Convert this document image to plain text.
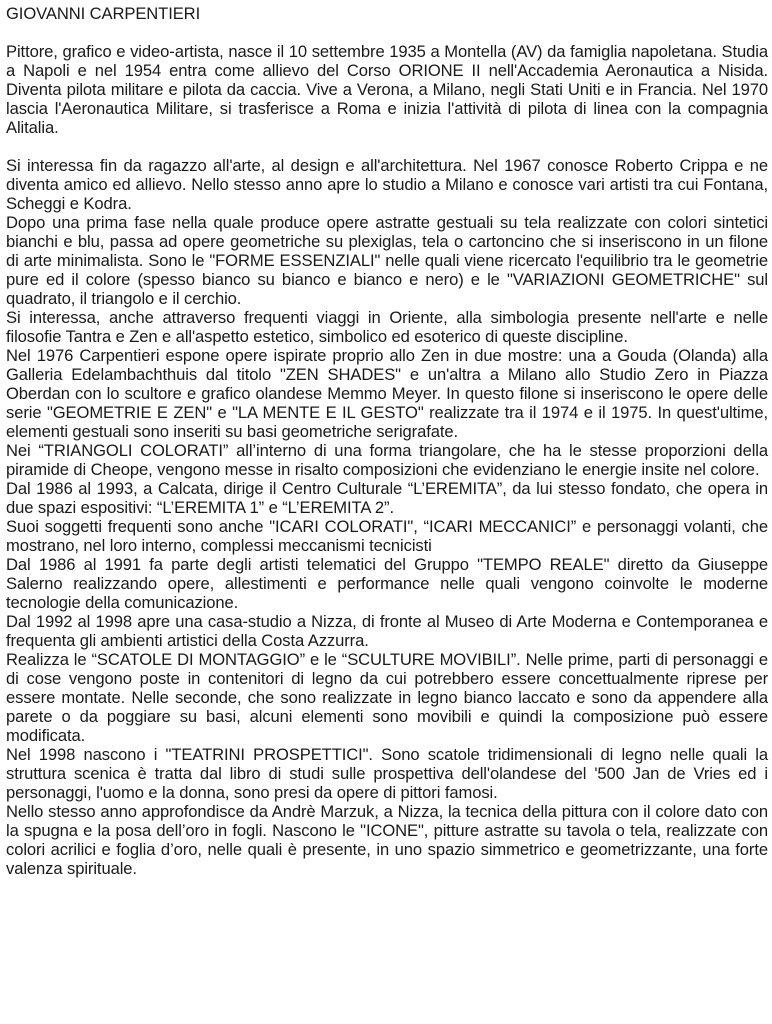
GIOVANNI CARPENTIERI

Pittore, grafico e video-artista, nasce il 10 settembre 1935 a Montella (AV) da famiglia napoletana. Studia a Napoli e nel 1954 entra come allievo del Corso ORIONE II nell'Accademia Aeronautica a Nisida. Diventa pilota militare e pilota da caccia. Vive a Verona, a Milano, negli Stati Uniti e in Francia. Nel 1970 lascia l'Aeronautica Militare, si trasferisce a Roma e inizia l'attività di pilota di linea con la compagnia Alitalia.

Si interessa fin da ragazzo all'arte, al design e all'architettura. Nel 1967 conosce Roberto Crippa e ne diventa amico ed allievo. Nello stesso anno apre lo studio a Milano e conosce vari artisti tra cui Fontana, Scheggi e Kodra.

Dopo una prima fase nella quale produce opere astratte gestuali su tela realizzate con colori sintetici bianchi e blu, passa ad opere geometriche su plexiglas, tela o cartoncino che si inseriscono in un filone di arte minimalista. Sono le "FORME ESSENZIALI" nelle quali viene ricercato l'equilibrio tra le geometrie pure ed il colore (spesso bianco su bianco e bianco e nero) e le "VARIAZIONI GEOMETRICHE" sul quadrato, il triangolo e il cerchio.

Si interessa, anche attraverso frequenti viaggi in Oriente, alla simbologia presente nell'arte e nelle filosofie Tantra e Zen e all'aspetto estetico, simbolico ed esoterico di queste discipline.

Nel 1976 Carpentieri espone opere ispirate proprio allo Zen in due mostre: una a Gouda (Olanda) alla Galleria Edelambachthuis dal titolo "ZEN SHADES" e un'altra a Milano allo Studio Zero in Piazza Oberdan con lo scultore e grafico olandese Memmo Meyer. In questo filone si inseriscono le opere delle serie "GEOMETRIE E ZEN" e "LA MENTE E IL GESTO" realizzate tra il 1974 e il 1975. In quest'ultime, elementi gestuali sono inseriti su basi geometriche serigrafate.

Nei “TRIANGOLI COLORATI” all’interno di una forma triangolare, che ha le stesse proporzioni della piramide di Cheope, vengono messe in risalto composizioni che evidenziano le energie insite nel colore.

Dal 1986 al 1993, a Calcata, dirige il Centro Culturale “L’EREMITA”, da lui stesso fondato, che opera in due spazi espositivi: “L’EREMITA 1” e “L’EREMITA 2”.

Suoi soggetti frequenti sono anche "ICARI COLORATI", “ICARI MECCANICI” e personaggi volanti, che mostrano, nel loro interno, complessi meccanismi tecnicisti

Dal 1986 al 1991 fa parte degli artisti telematici del Gruppo "TEMPO REALE" diretto da Giuseppe Salerno realizzando opere, allestimenti e performance nelle quali vengono coinvolte le moderne tecnologie della comunicazione.

Dal 1992 al 1998 apre una casa-studio a Nizza, di fronte al Museo di Arte Moderna e Contemporanea e frequenta gli ambienti artistici della Costa Azzurra.

Realizza le “SCATOLE DI MONTAGGIO” e le “SCULTURE MOVIBILI”. Nelle prime, parti di personaggi e di cose vengono poste in contenitori di legno da cui potrebbero essere concettualmente riprese per essere montate. Nelle seconde, che sono realizzate in legno bianco laccato e sono da appendere alla parete o da poggiare su basi, alcuni elementi sono movibili e quindi la composizione può essere modificata.

Nel 1998 nascono i "TEATRINI PROSPETTICI". Sono scatole tridimensionali di legno nelle quali la struttura scenica è tratta dal libro di studi sulle prospettiva dell'olandese del '500 Jan de Vries ed i personaggi, l'uomo e la donna, sono presi da opere di pittori famosi.

Nello stesso anno approfondisce da Andrè Marzuk, a Nizza, la tecnica della pittura con il colore dato con la spugna e la posa dell’oro in fogli. Nascono le "ICONE", pitture astratte su tavola o tela, realizzate con colori acrilici e foglia d’oro, nelle quali è presente, in uno spazio simmetrico e geometrizzante, una forte valenza spirituale.
